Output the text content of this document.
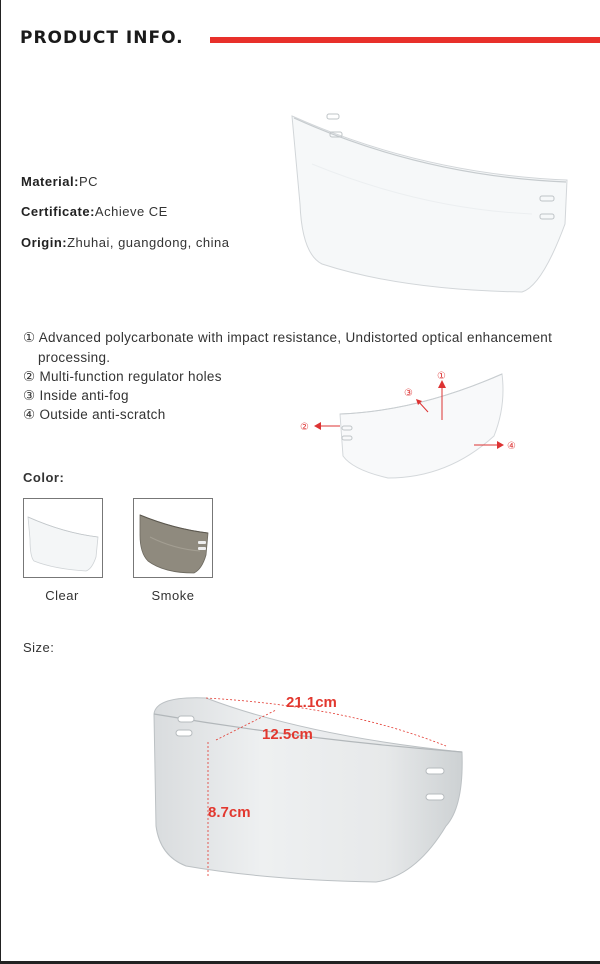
PRODUCT INFO.
Material:PC
Certificate:Achieve CE
Origin:Zhuhai, guangdong, china
① Advanced polycarbonate with impact resistance, Undistorted optical enhancement
processing.
② Multi-function regulator holes
③ Inside anti-fog
④ Outside anti-scratch
①
③
②
④
Color:
Clear	Smoke
Size:
21.1cm
12.5cm
8.7cm
